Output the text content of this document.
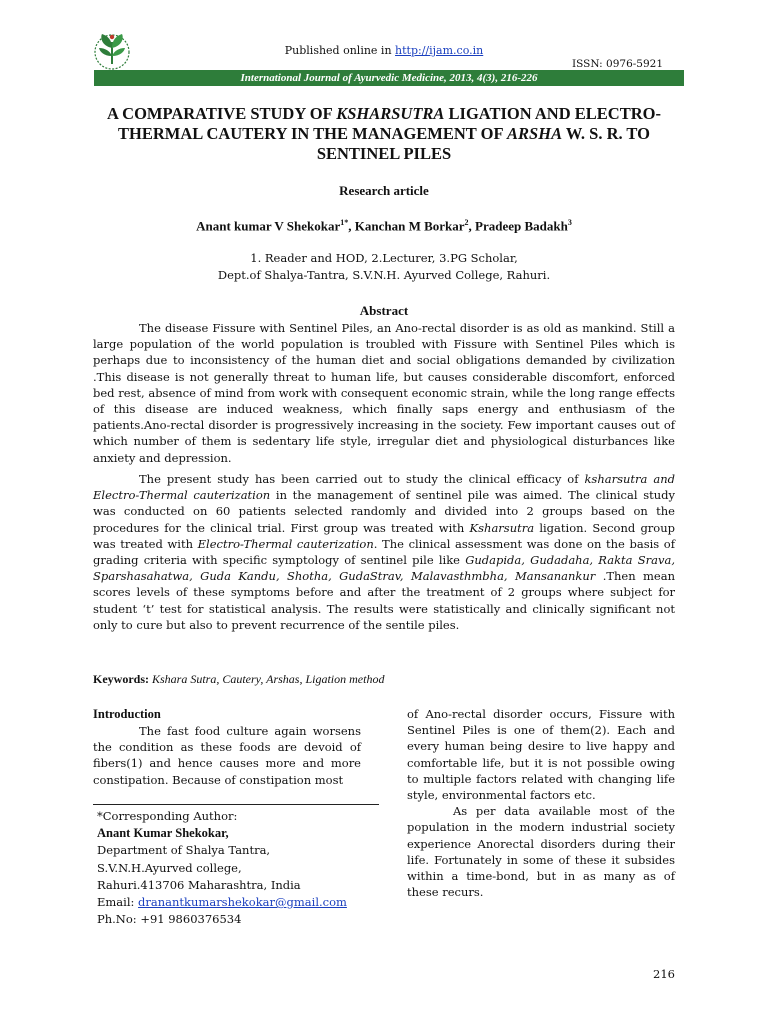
Published online in http://ijam.co.in
ISSN: 0976-5921
International Journal of Ayurvedic Medicine, 2013, 4(3), 216-226
A COMPARATIVE STUDY OF KSHARSUTRA LIGATION AND ELECTRO-THERMAL CAUTERY IN THE MANAGEMENT OF ARSHA W. S. R. TO SENTINEL PILES
Research article
Anant kumar V Shekokar$^{1*}$, Kanchan M Borkar$^2$, Pradeep Badakh$^3$
1. Reader and HOD, 2.Lecturer, 3.PG Scholar,
Dept.of Shalya-Tantra, S.V.N.H. Ayurved College, Rahuri.
Abstract
The disease Fissure with Sentinel Piles, an Ano-rectal disorder is as old as mankind. Still a large population of the world population is troubled with Fissure with Sentinel Piles which is perhaps due to inconsistency of the human diet and social obligations demanded by civilization .This disease is not generally threat to human life, but causes considerable discomfort, enforced bed rest, absence of mind from work with consequent economic strain, while the long range effects of this disease are induced weakness, which finally saps energy and enthusiasm of the patients.Ano-rectal disorder is progressively increasing in the society. Few important causes out of which number of them is sedentary life style, irregular diet and physiological disturbances like anxiety and depression.
The present study has been carried out to study the clinical efficacy of ksharsutra and Electro-Thermal cauterization in the management of sentinel pile was aimed. The clinical study was conducted on 60 patients selected randomly and divided into 2 groups based on the procedures for the clinical trial. First group was treated with Ksharsutra ligation. Second group was treated with Electro-Thermal cauterization. The clinical assessment was done on the basis of grading criteria with specific symptology of sentinel pile like Gudapida, Gudadaha, Rakta Srava, Sparshasahatwa, Guda Kandu, Shotha, GudaStrav, Malavasthmbha, Mansanankur .Then mean scores levels of these symptoms before and after the treatment of 2 groups where subject for student ‘t’ test for statistical analysis. The results were statistically and clinically significant not only to cure but also to prevent recurrence of the sentile piles.
Keywords: Kshara Sutra, Cautery, Arshas, Ligation method
Introduction
The fast food culture again worsens the condition as these foods are devoid of fibers(1) and hence causes more and more constipation. Because of constipation most
of Ano-rectal disorder occurs, Fissure with Sentinel Piles is one of them(2). Each and every human being desire to live happy and comfortable life, but it is not possible owing to multiple factors related with changing life style, environmental factors etc.
As per data available most of the population in the modern industrial society experience Anorectal disorders during their life. Fortunately in some of these it subsides within a time-bond, but in as many as of these recurs.
*Corresponding Author:
Anant Kumar Shekokar,
Department of Shalya Tantra,
S.V.N.H.Ayurved college,
Rahuri.413706 Maharashtra, India
Email: dranantkumarshekokar@gmail.com
Ph.No: +91 9860376534
216
